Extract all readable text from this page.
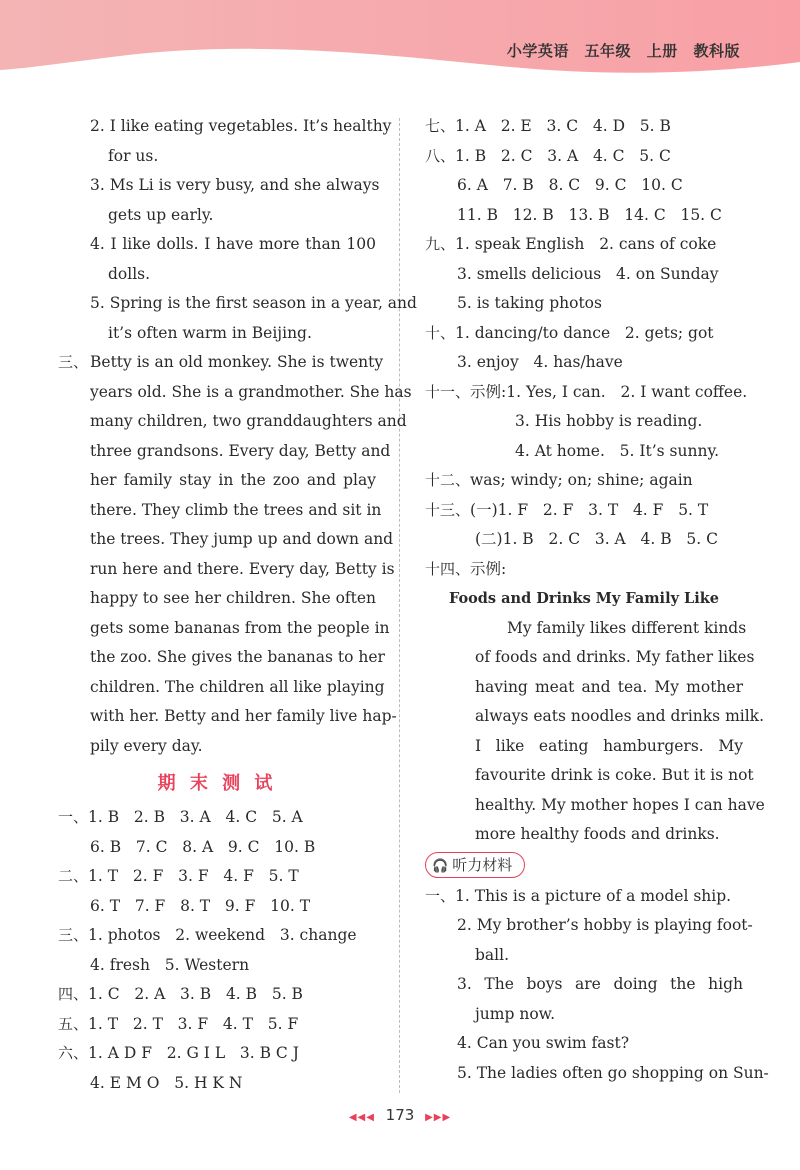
小学英语 五年级 上册 教科版
2. I like eating vegetables. It’s healthy
for us.
3. Ms Li is very busy, and she always
gets up early.
4. I like dolls. I have more than 100
dolls.
5. Spring is the first season in a year, and
it’s often warm in Beijing.
三、 Betty is an old monkey. She is twenty
years old. She is a grandmother. She has
many children, two granddaughters and
three grandsons. Every day, Betty and
her family stay in the zoo and play
there. They climb the trees and sit in
the trees. They jump up and down and
run here and there. Every day, Betty is
happy to see her children. She often
gets some bananas from the people in
the zoo. She gives the bananas to her
children. The children all like playing
with her. Betty and her family live hap-
pily every day.
期 末 测 试
一、 1. B   2. B   3. A   4. C   5. A
6. B   7. C   8. A   9. C   10. B
二、 1. T   2. F   3. F   4. F   5. T
6. T   7. F   8. T   9. F   10. T
三、 1. photos   2. weekend   3. change
4. fresh   5. Western
四、 1. C   2. A   3. B   4. B   5. B
五、 1. T   2. T   3. F   4. T   5. F
六、 1. A D F   2. G I L   3. B C J
4. E M O   5. H K N
七、 1. A   2. E   3. C   4. D   5. B
八、 1. B   2. C   3. A   4. C   5. C
6. A   7. B   8. C   9. C   10. C
11. B   12. B   13. B   14. C   15. C
九、 1. speak English   2. cans of coke
3. smells delicious   4. on Sunday
5. is taking photos
十、 1. dancing/to dance   2. gets; got
3. enjoy   4. has/have
十一、 示例:1. Yes, I can.   2. I want coffee.
3. His hobby is reading.
4. At home.   5. It’s sunny.
十二、 was; windy; on; shine; again
十三、 (一)1. F   2. F   3. T   4. F   5. T
(二)1. B   2. C   3. A   4. B   5. C
十四、 示例:
Foods and Drinks My Family Like
My family likes different kinds
of foods and drinks. My father likes
having meat and tea. My mother
always eats noodles and drinks milk.
I like eating hamburgers. My
favourite drink is coke. But it is not
healthy. My mother hopes I can have
more healthy foods and drinks.
🎧 听力材料
一、 1. This is a picture of a model ship.
2. My brother’s hobby is playing foot-
ball.
3. The boys are doing the high
jump now.
4. Can you swim fast?
5. The ladies often go shopping on Sun-
◀◀◀ 173 ▶▶▶
